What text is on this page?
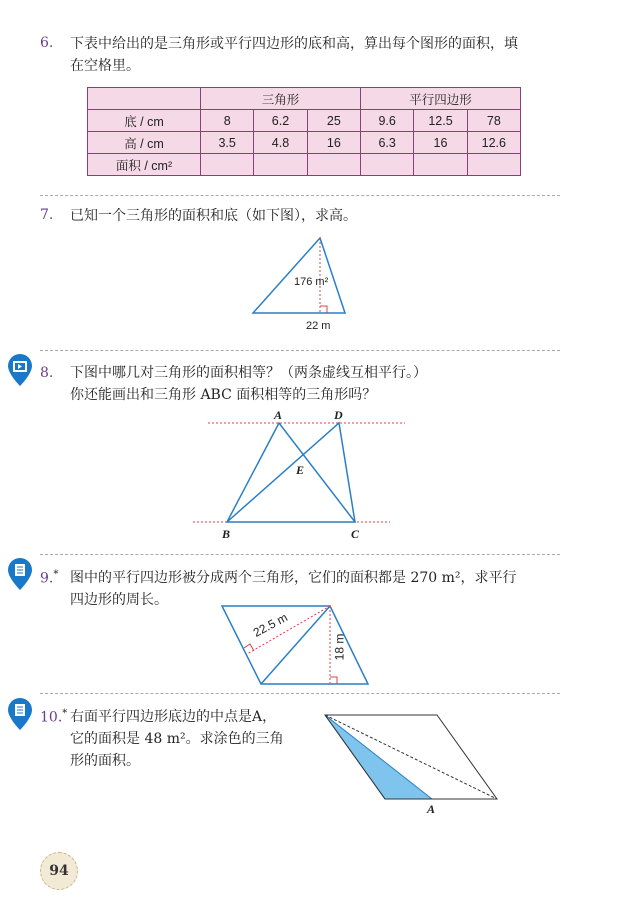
6. 下表中给出的是三角形或平行四边形的底和高，算出每个图形的面积，填
在空格里。
	三角形			平行四边形		
底 / cm	8	6.2	25	9.6	12.5	78
高 / cm	3.5	4.8	16	6.3	16	12.6
面积 / cm²						
7. 已知一个三角形的面积和底（如下图），求高。
176 m²
22 m
8. 下图中哪几对三角形的面积相等？（两条虚线互相平行。）
你还能画出和三角形 ABC 面积相等的三角形吗？
A	D
E
B	C
9.* 图中的平行四边形被分成两个三角形，它们的面积都是 270 m²，求平行
四边形的周长。
22.5 m
18 m
10.* 右面平行四边形底边的中点是A，
它的面积是 48 m²。求涂色的三角
形的面积。
A
94
